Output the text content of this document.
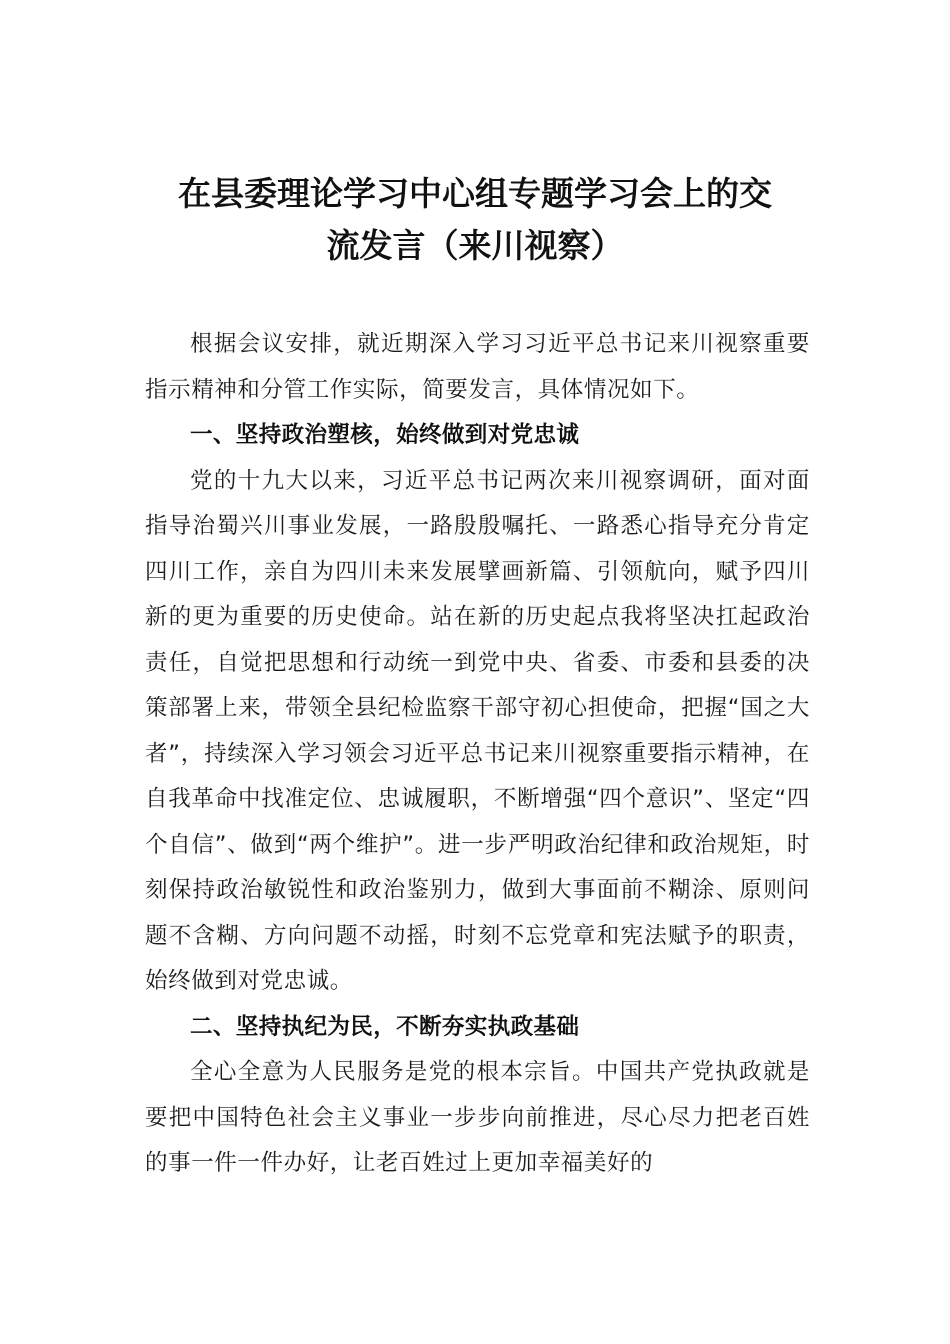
在县委理论学习中心组专题学习会上的交
流发言（来川视察）

根据会议安排，就近期深入学习习近平总书记来川视察重要指示精神和分管工作实际，简要发言，具体情况如下。

一、坚持政治塑核，始终做到对党忠诚

党的十九大以来，习近平总书记两次来川视察调研，面对面指导治蜀兴川事业发展，一路殷殷嘱托、一路悉心指导充分肯定四川工作，亲自为四川未来发展擘画新篇、引领航向，赋予四川新的更为重要的历史使命。站在新的历史起点我将坚决扛起政治责任，自觉把思想和行动统一到党中央、省委、市委和县委的决策部署上来，带领全县纪检监察干部守初心担使命，把握“国之大者”，持续深入学习领会习近平总书记来川视察重要指示精神，在自我革命中找准定位、忠诚履职，不断增强“四个意识”、坚定“四个自信”、做到“两个维护”。进一步严明政治纪律和政治规矩，时刻保持政治敏锐性和政治鉴别力，做到大事面前不糊涂、原则问题不含糊、方向问题不动摇，时刻不忘党章和宪法赋予的职责，始终做到对党忠诚。

二、坚持执纪为民，不断夯实执政基础

全心全意为人民服务是党的根本宗旨。中国共产党执政就是要把中国特色社会主义事业一步步向前推进，尽心尽力把老百姓的事一件一件办好，让老百姓过上更加幸福美好的
